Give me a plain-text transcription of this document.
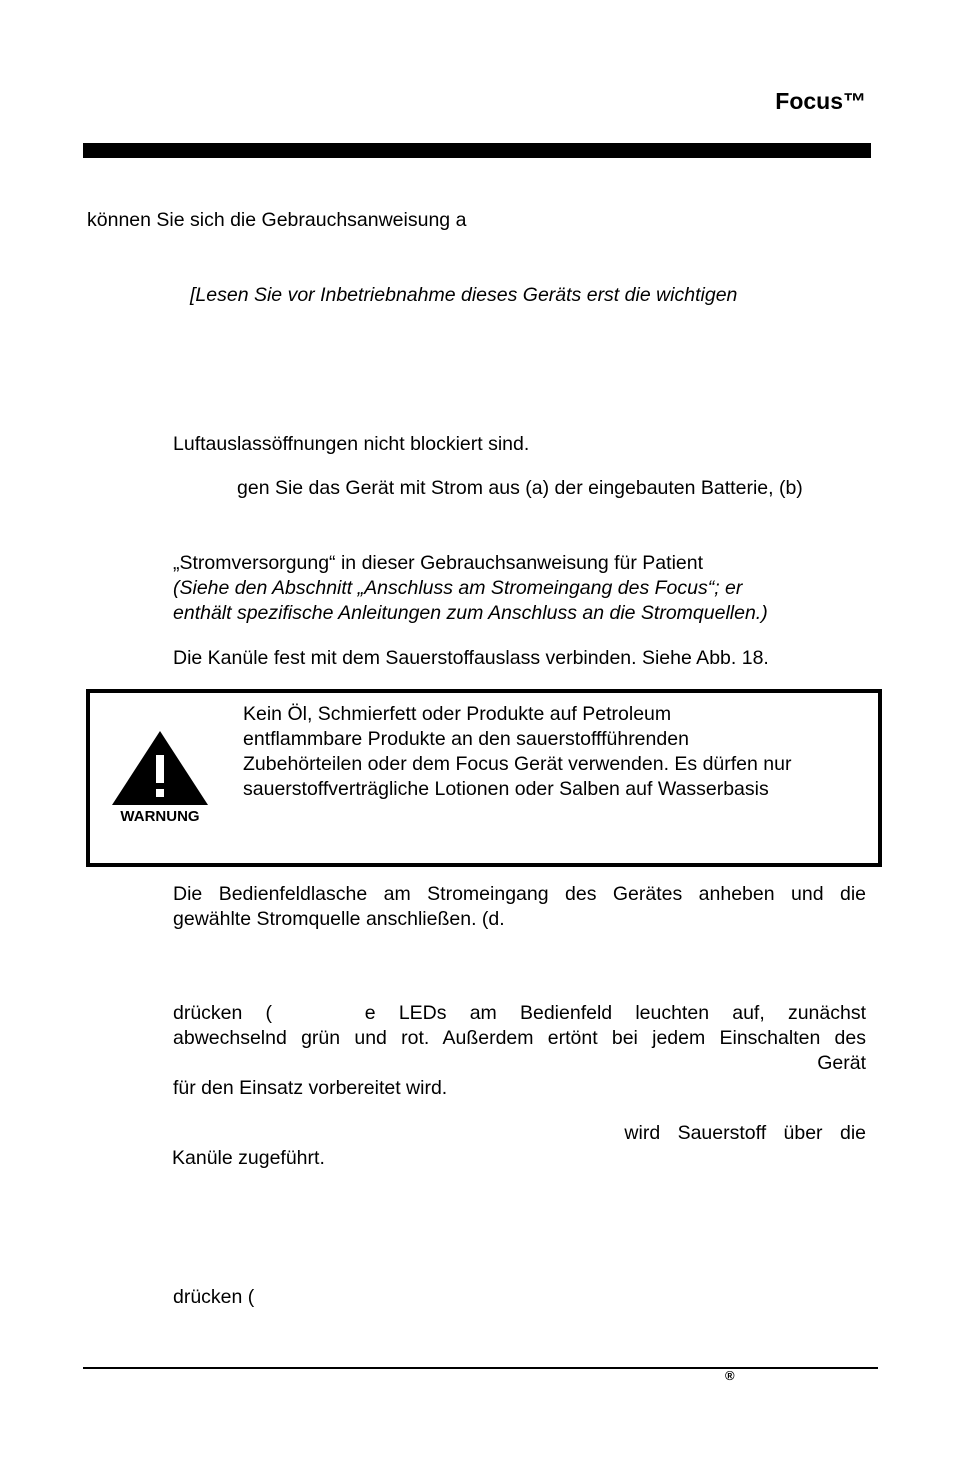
Focus™
können Sie sich die Gebrauchsanweisung a
[Lesen Sie vor Inbetriebnahme dieses Geräts erst die wichtigen
Luftauslassöffnungen nicht blockiert sind.
gen Sie das Gerät mit Strom aus (a) der eingebauten Batterie, (b)
„Stromversorgung“ in dieser Gebrauchsanweisung für Patient
(Siehe den Abschnitt „Anschluss am Stromeingang des Focus“; er
enthält spezifische Anleitungen zum Anschluss an die Stromquellen.)
Die Kanüle fest mit dem Sauerstoffauslass verbinden. Siehe Abb. 18.
WARNUNG
Kein Öl, Schmierfett oder Produkte auf Petroleum
entflammbare Produkte an den sauerstoffführenden
Zubehörteilen oder dem Focus Gerät verwenden. Es dürfen nur
sauerstoffverträgliche Lotionen oder Salben auf Wasserbasis
Die Bedienfeldlasche am Stromeingang des Gerätes anheben und die
gewählte Stromquelle anschließen. (d.
drücken (    e LEDs am Bedienfeld leuchten auf, zunächst
abwechselnd grün und rot. Außerdem ertönt bei jedem Einschalten des
Gerät
für den Einsatz vorbereitet wird.
wird Sauerstoff über die
Kanüle zugeführt.
drücken (
®
